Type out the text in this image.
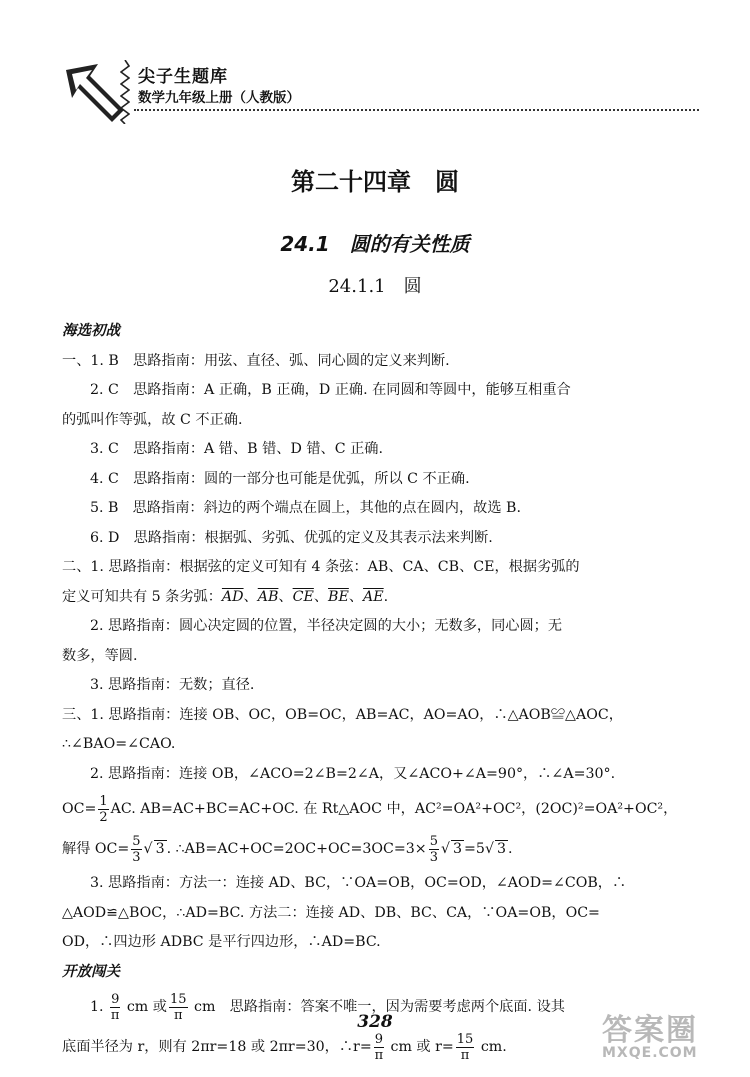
尖子生题库
数学九年级上册（人教版）
第二十四章　圆
24.1　圆的有关性质
24.1.1　圆

海选初战

一、1. B　思路指南：用弦、直径、弧、同心圆的定义来判断.

2. C　思路指南：A 正确，B 正确，D 正确. 在同圆和等圆中，能够互相重合

的弧叫作等弧，故 C 不正确.

3. C　思路指南：A 错、B 错、D 错、C 正确.

4. C　思路指南：圆的一部分也可能是优弧，所以 C 不正确.

5. B　思路指南：斜边的两个端点在圆上，其他的点在圆内，故选 B.

6. D　思路指南：根据弧、劣弧、优弧的定义及其表示法来判断.

二、1. 思路指南：根据弦的定义可知有 4 条弦：AB、CA、CB、CE，根据劣弧的

定义可知共有 5 条劣弧：$\overline{AD}$、$\overline{AB}$、$\overline{CE}$、$\overline{BE}$、$\overline{AE}$.

2. 思路指南：圆心决定圆的位置，半径决定圆的大小；无数多，同心圆；无

数多，等圆.

3. 思路指南：无数；直径.

三、1. 思路指南：连接 OB、OC，OB=OC，AB=AC，AO=AO，∴△AOB≌△AOC，

∴∠BAO=∠CAO.

2. 思路指南：连接 OB，∠ACO=2∠B=2∠A，又∠ACO+∠A=90°，∴∠A=30°.

$OC= \frac{1}{2}$ AC. AB=AC+BC=AC+OC. 在 Rt△AOC 中，AC²=OA²+OC²，(2OC)²=OA²+OC²，

解得 $OC= \frac{5}{3}$ √ 3 . ∴AB=AC+OC=2OC+OC=3OC=3× $\frac{5}{3}$ √ 3 =5√ 3 .

3. 思路指南：方法一：连接 AD、BC，∵OA=OB，OC=OD，∠AOD=∠COB，∴

△AOD≌△BOC，∴AD=BC. 方法二：连接 AD、DB、BC、CA，∵OA=OB，OC=

OD，∴四边形 ADBC 是平行四边形，∴AD=BC.

开放闯关

1. $\frac{9}{\pi}$ cm 或 $\frac{15}{\pi}$ cm　思路指南：答案不唯一，因为需要考虑两个底面. 设其

底面半径为 r，则有 2πr=18 或 2πr=30，∴r= $\frac{9}{\pi}$ cm 或 $r= \frac{15}{\pi}$ cm.

328	答案圈
MXQE.COM
